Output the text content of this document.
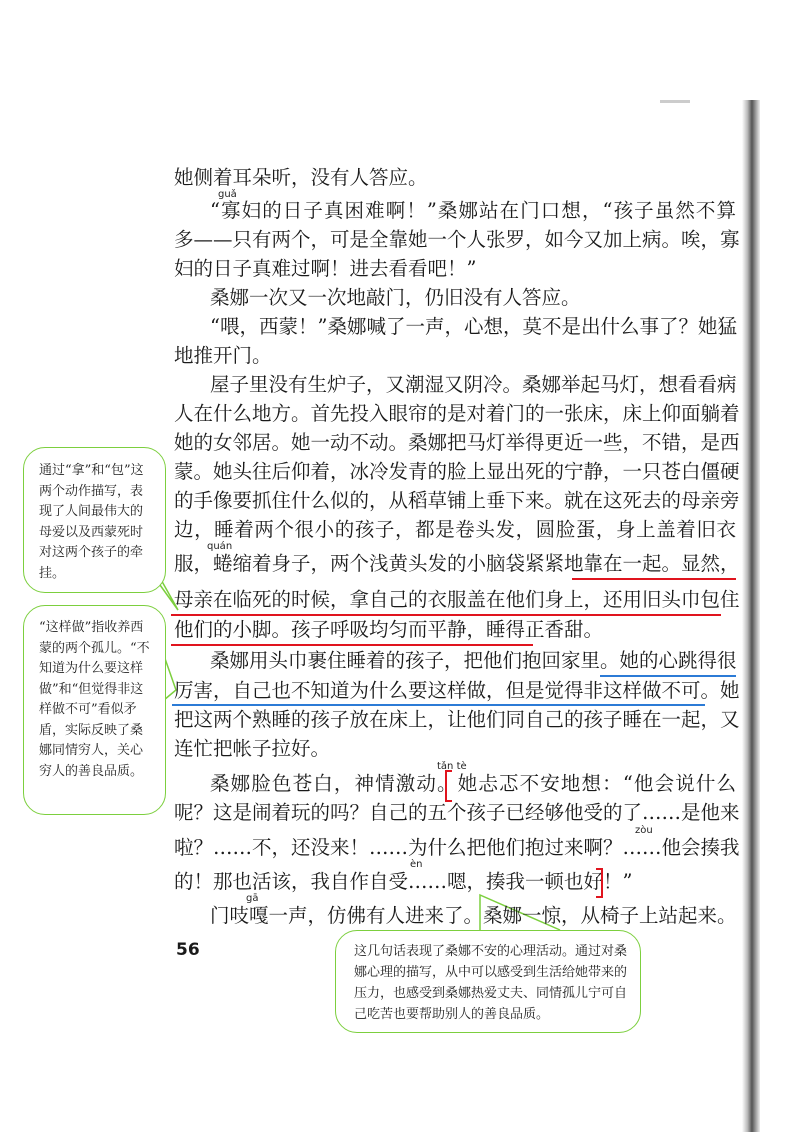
她侧着耳朵听，没有人答应。
“寡妇的日子真困难啊！”桑娜站在门口想，“孩子虽然不算
多——只有两个，可是全靠她一个人张罗，如今又加上病。唉，寡
妇的日子真难过啊！进去看看吧！”
桑娜一次又一次地敲门，仍旧没有人答应。
“喂，西蒙！”桑娜喊了一声，心想，莫不是出什么事了？她猛
地推开门。
屋子里没有生炉子，又潮湿又阴冷。桑娜举起马灯，想看看病
人在什么地方。首先投入眼帘的是对着门的一张床，床上仰面躺着
她的女邻居。她一动不动。桑娜把马灯举得更近一些，不错，是西
蒙。她头往后仰着，冰冷发青的脸上显出死的宁静，一只苍白僵硬
的手像要抓住什么似的，从稻草铺上垂下来。就在这死去的母亲旁
边，睡着两个很小的孩子，都是卷头发，圆脸蛋，身上盖着旧衣
服，蜷缩着身子，两个浅黄头发的小脑袋紧紧地靠在一起。显然，
母亲在临死的时候，拿自己的衣服盖在他们身上，还用旧头巾包住
他们的小脚。孩子呼吸均匀而平静，睡得正香甜。
桑娜用头巾裹住睡着的孩子，把他们抱回家里。她的心跳得很
厉害，自己也不知道为什么要这样做，但是觉得非这样做不可。她
把这两个熟睡的孩子放在床上，让他们同自己的孩子睡在一起，又
连忙把帐子拉好。
桑娜脸色苍白，神情激动。她忐忑不安地想：“他会说什么
呢？这是闹着玩的吗？自己的五个孩子已经够他受的了……是他来
啦？……不，还没来！……为什么把他们抱过来啊？……他会揍我
的！那也活该，我自作自受……嗯，揍我一顿也好！”
门吱嘎一声，仿佛有人进来了。桑娜一惊，从椅子上站起来。
guǎ
quán
tǎn tè
zòu
èn
gā
56
通过“拿”和“包”这两个动作描写，表现了人间最伟大的母爱以及西蒙死时对这两个孩子的牵挂。
“这样做”指收养西蒙的两个孤儿。“不知道为什么要这样做”和“但觉得非这样做不可”看似矛盾，实际反映了桑娜同情穷人，关心穷人的善良品质。
这几句话表现了桑娜不安的心理活动。通过对桑娜心理的描写，从中可以感受到生活给她带来的压力，也感受到桑娜热爱丈夫、同情孤儿宁可自己吃苦也要帮助别人的善良品质。
